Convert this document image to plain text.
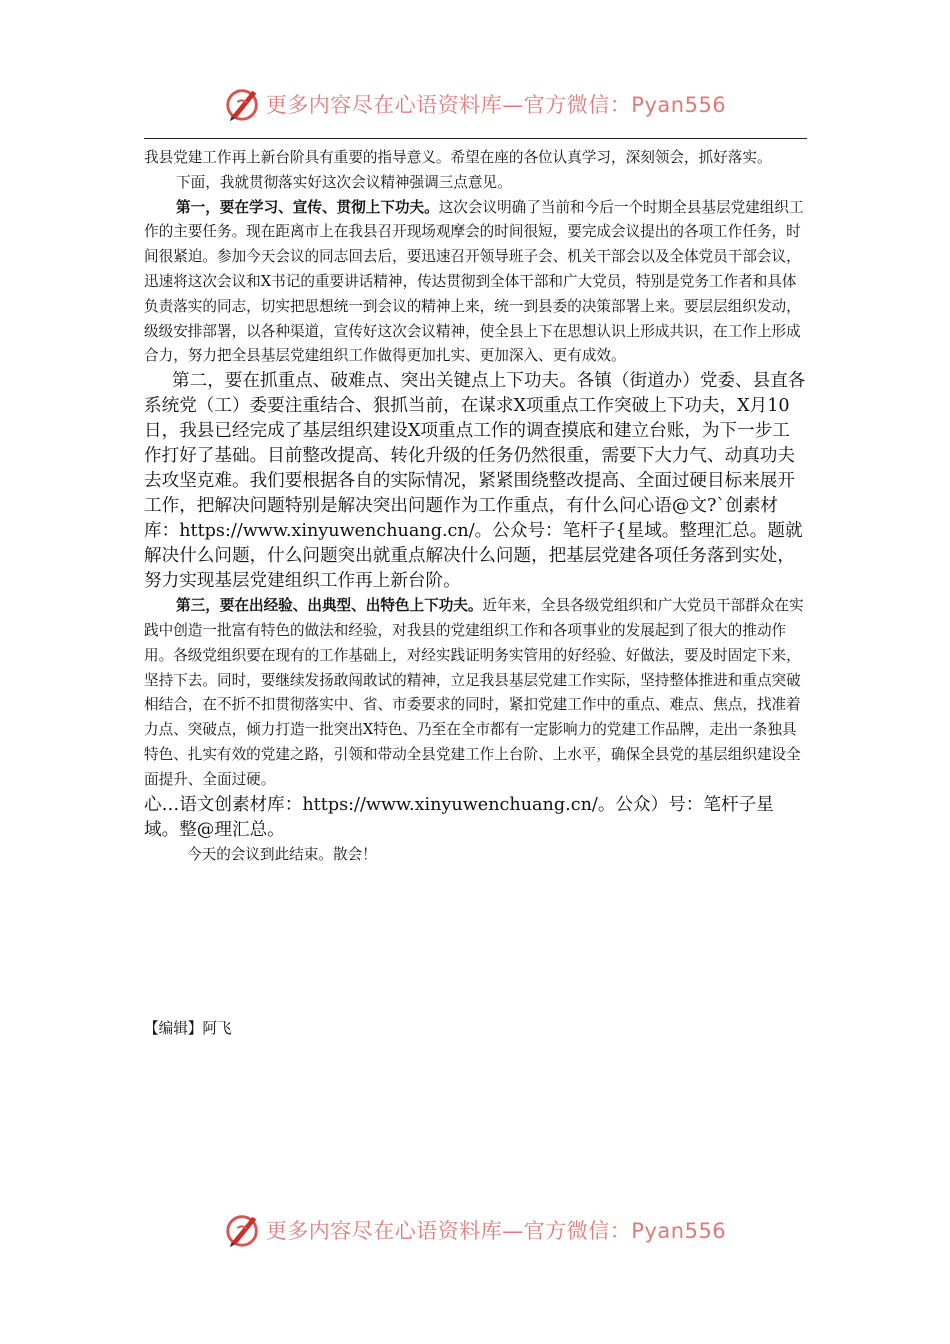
更多内容尽在心语资料库—官方微信：Pyan556

我县党建工作再上新台阶具有重要的指导意义。希望在座的各位认真学习，深刻领会，抓好落实。

下面，我就贯彻落实好这次会议精神强调三点意见。

第一，要在学习、宣传、贯彻上下功夫。这次会议明确了当前和今后一个时期全县基层党建组织工作的主要任务。现在距离市上在我县召开现场观摩会的时间很短，要完成会议提出的各项工作任务，时间很紧迫。参加今天会议的同志回去后，要迅速召开领导班子会、机关干部会以及全体党员干部会议，迅速将这次会议和X书记的重要讲话精神，传达贯彻到全体干部和广大党员，特别是党务工作者和具体负责落实的同志，切实把思想统一到会议的精神上来，统一到县委的决策部署上来。要层层组织发动，级级安排部署，以各种渠道，宣传好这次会议精神，使全县上下在思想认识上形成共识，在工作上形成合力，努力把全县基层党建组织工作做得更加扎实、更加深入、更有成效。

第二，要在抓重点、破难点、突出关键点上下功夫。各镇（街道办）党委、县直各系统党（工）委要注重结合、狠抓当前，在谋求X项重点工作突破上下功夫，X月10日，我县已经完成了基层组织建设X项重点工作的调查摸底和建立台账，为下一步工作打好了基础。目前整改提高、转化升级的任务仍然很重，需要下大力气、动真功夫去攻坚克难。我们要根据各自的实际情况，紧紧围绕整改提高、全面过硬目标来展开工作，把解决问题特别是解决突出问题作为工作重点，有什么问心语@文?`创素材库：https://www.xinyuwenchuang.cn/。公众号：笔杆子{星域。整理汇总。题就解决什么问题，什么问题突出就重点解决什么问题，把基层党建各项任务落到实处，努力实现基层党建组织工作再上新台阶。

第三，要在出经验、出典型、出特色上下功夫。近年来，全县各级党组织和广大党员干部群众在实践中创造一批富有特色的做法和经验，对我县的党建组织工作和各项事业的发展起到了很大的推动作用。各级党组织要在现有的工作基础上，对经实践证明务实管用的好经验、好做法，要及时固定下来，坚持下去。同时，要继续发扬敢闯敢试的精神，立足我县基层党建工作实际，坚持整体推进和重点突破相结合，在不折不扣贯彻落实中、省、市委要求的同时，紧扣党建工作中的重点、难点、焦点，找准着力点、突破点，倾力打造一批突出X特色、乃至在全市都有一定影响力的党建工作品牌，走出一条独具特色、扎实有效的党建之路，引领和带动全县党建工作上台阶、上水平，确保全县党的基层组织建设全面提升、全面过硬。

心…语文创素材库：https://www.xinyuwenchuang.cn/。公众）号：笔杆子星域。整@理汇总。

今天的会议到此结束。散会！

【编辑】阿飞
更多内容尽在心语资料库—官方微信：Pyan556
